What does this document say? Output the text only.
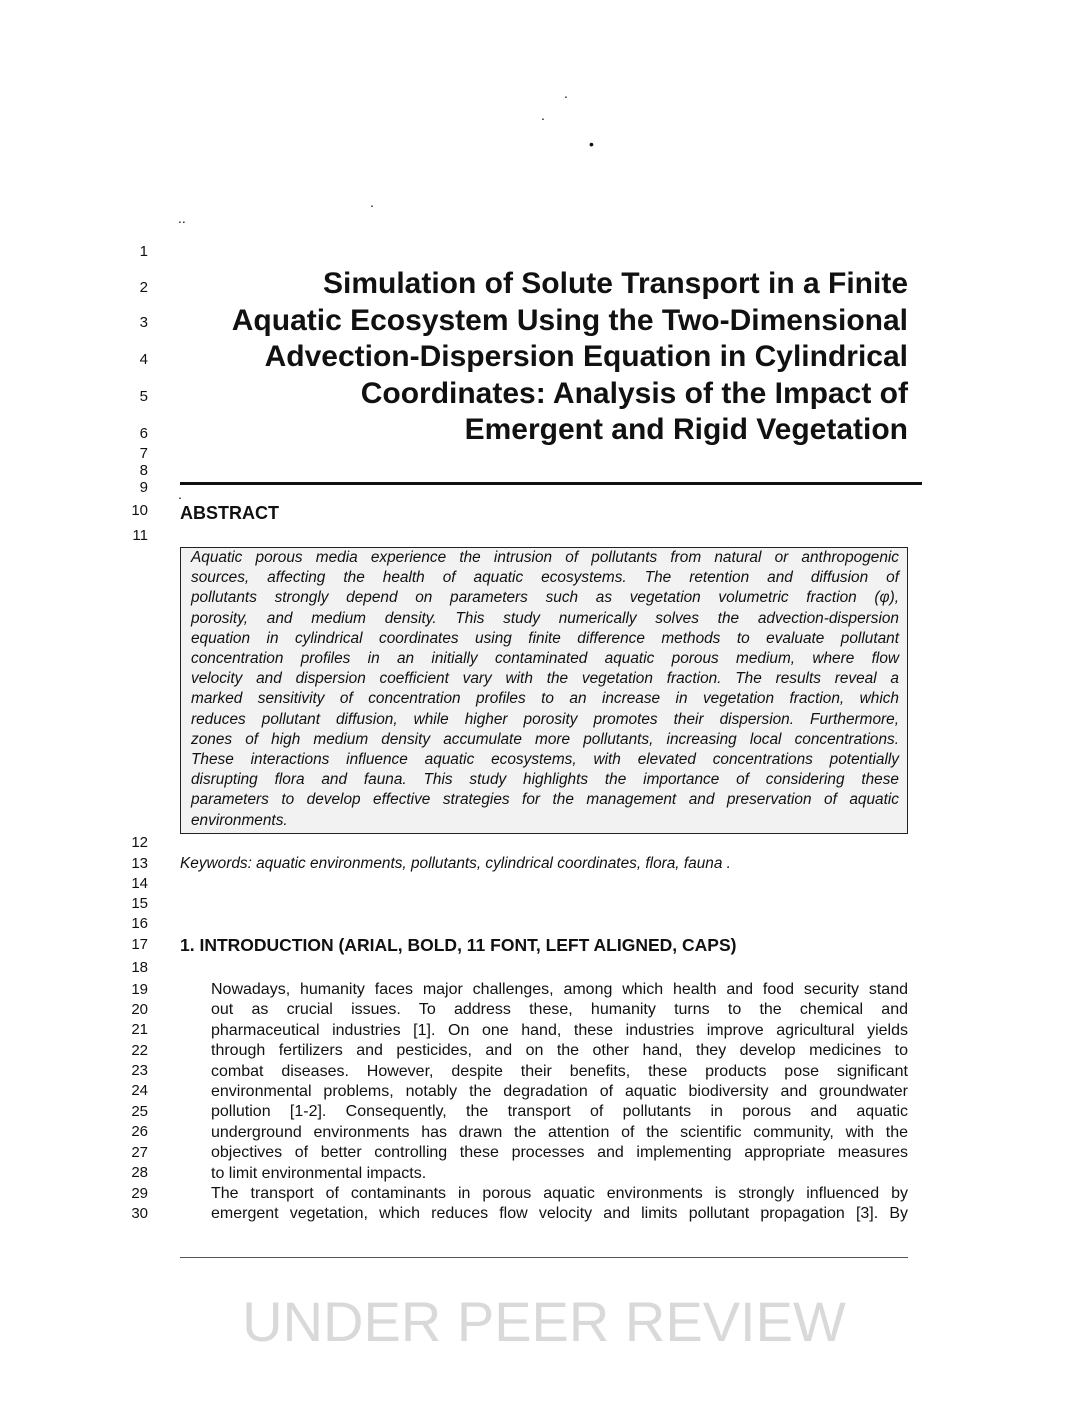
UNDER PEER REVIEW
.
.
•
.
..
.
1
2
3
4
5
6
7
8
9
10
11
12
13
14
15
16
17
18
19
20
21
22
23
24
25
26
27
28
29
30
Simulation of Solute Transport in a Finite
Aquatic Ecosystem Using the Two-Dimensional
Advection-Dispersion Equation in Cylindrical
Coordinates: Analysis of the Impact of
Emergent and Rigid Vegetation
ABSTRACT
Aquatic porous media experience the intrusion of pollutants from natural or anthropogenic
sources, affecting the health of aquatic ecosystems. The retention and diffusion of
pollutants strongly depend on parameters such as vegetation volumetric fraction (φ),
porosity, and medium density. This study numerically solves the advection-dispersion
equation in cylindrical coordinates using finite difference methods to evaluate pollutant
concentration profiles in an initially contaminated aquatic porous medium, where flow
velocity and dispersion coefficient vary with the vegetation fraction. The results reveal a
marked sensitivity of concentration profiles to an increase in vegetation fraction, which
reduces pollutant diffusion, while higher porosity promotes their dispersion. Furthermore,
zones of high medium density accumulate more pollutants, increasing local concentrations.
These interactions influence aquatic ecosystems, with elevated concentrations potentially
disrupting flora and fauna. This study highlights the importance of considering these
parameters to develop effective strategies for the management and preservation of aquatic
environments.
Keywords: aquatic environments, pollutants, cylindrical coordinates, flora, fauna .
1. INTRODUCTION (ARIAL, BOLD, 11 FONT, LEFT ALIGNED, CAPS)
Nowadays, humanity faces major challenges, among which health and food security stand
out as crucial issues. To address these, humanity turns to the chemical and
pharmaceutical industries [1]. On one hand, these industries improve agricultural yields
through fertilizers and pesticides, and on the other hand, they develop medicines to
combat diseases. However, despite their benefits, these products pose significant
environmental problems, notably the degradation of aquatic biodiversity and groundwater
pollution [1-2]. Consequently, the transport of pollutants in porous and aquatic
underground environments has drawn the attention of the scientific community, with the
objectives of better controlling these processes and implementing appropriate measures
to limit environmental impacts.
The transport of contaminants in porous aquatic environments is strongly influenced by
emergent vegetation, which reduces flow velocity and limits pollutant propagation [3]. By
